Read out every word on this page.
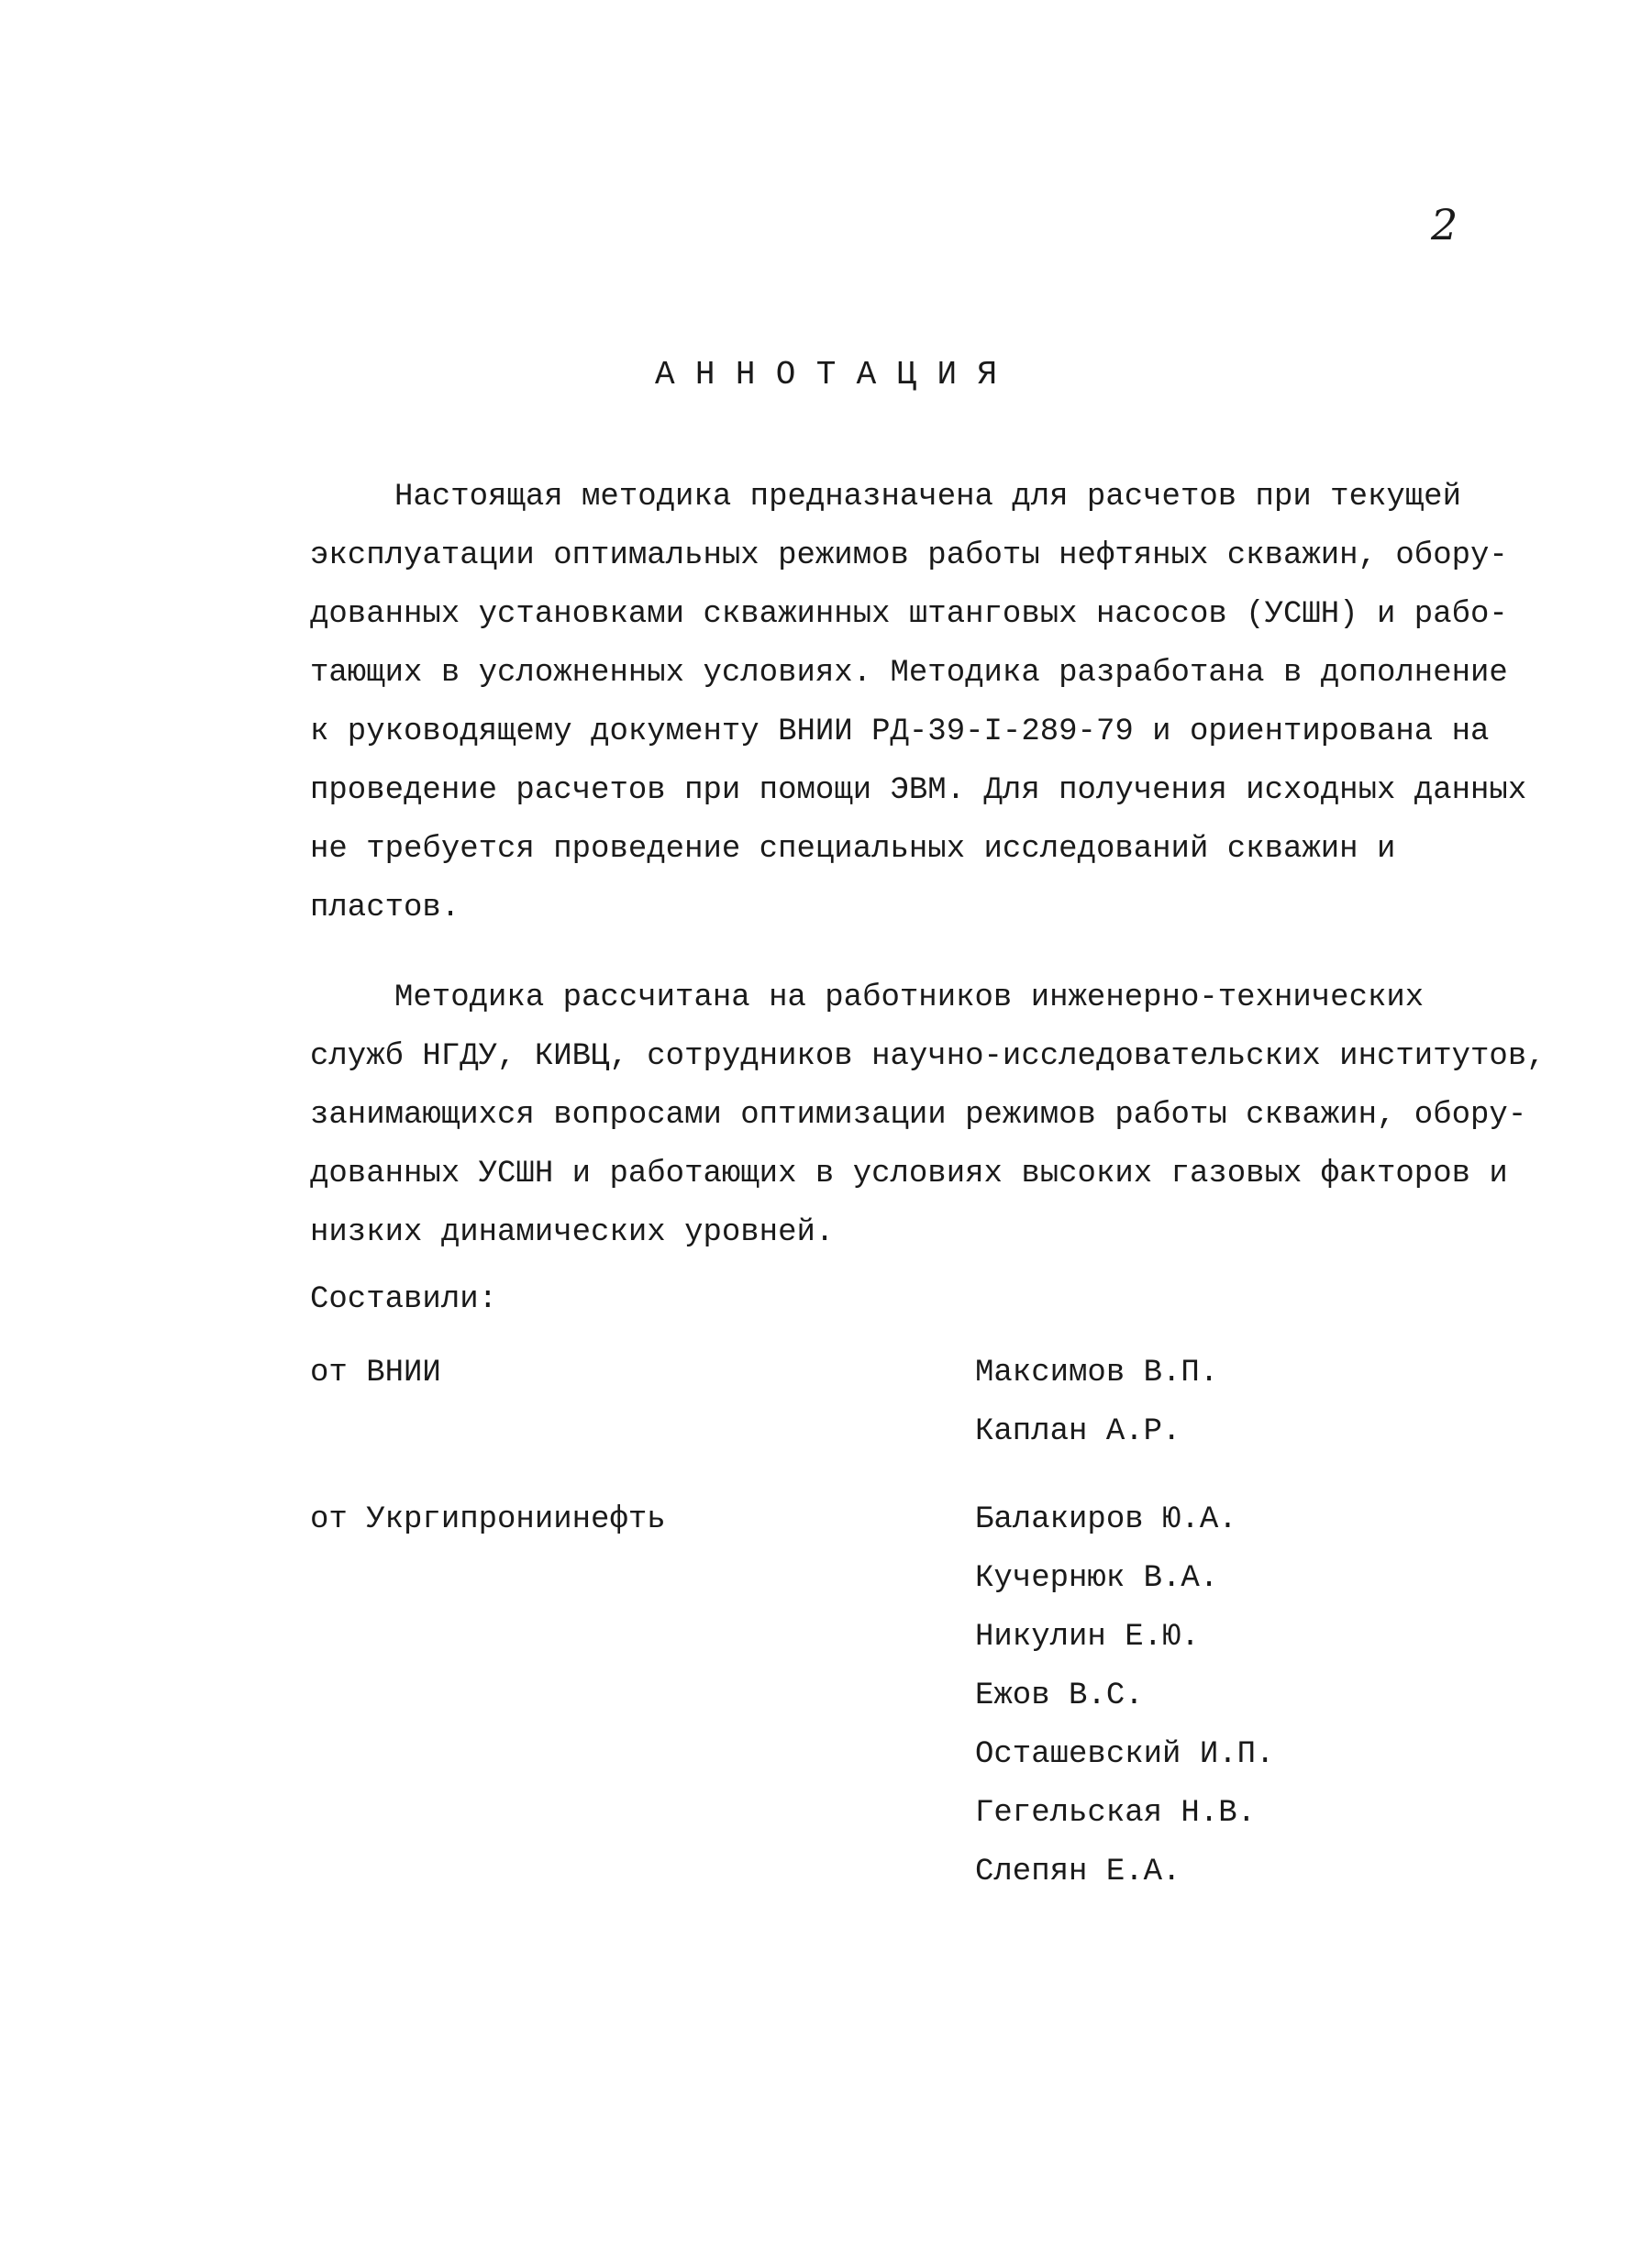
2
АННОТАЦИЯ
Настоящая методика предназначена для расчетов при текущей
эксплуатации оптимальных режимов работы нефтяных скважин, обору-
дованных установками скважинных штанговых насосов (УСШН) и рабо-
тающих в усложненных условиях. Методика разработана в дополнение
к руководящему документу ВНИИ РД-39-I-289-79 и ориентирована на
проведение расчетов при помощи ЭВМ. Для получения исходных данных
не требуется проведение специальных исследований скважин и
пластов.
Методика рассчитана на работников инженерно-технических
служб НГДУ, КИВЦ, сотрудников научно-исследовательских институтов,
занимающихся вопросами оптимизации режимов работы скважин, обору-
дованных УСШН и работающих в условиях высоких газовых факторов и
низких динамических уровней.
Составили:
от ВНИИ	Максимов В.П.
Каплан А.Р.
от Укргипрониинефть	Балакиров Ю.А.
Кучернюк В.А.
Никулин Е.Ю.
Ежов В.С.
Осташевский И.П.
Гегельская Н.В.
Слепян Е.А.
